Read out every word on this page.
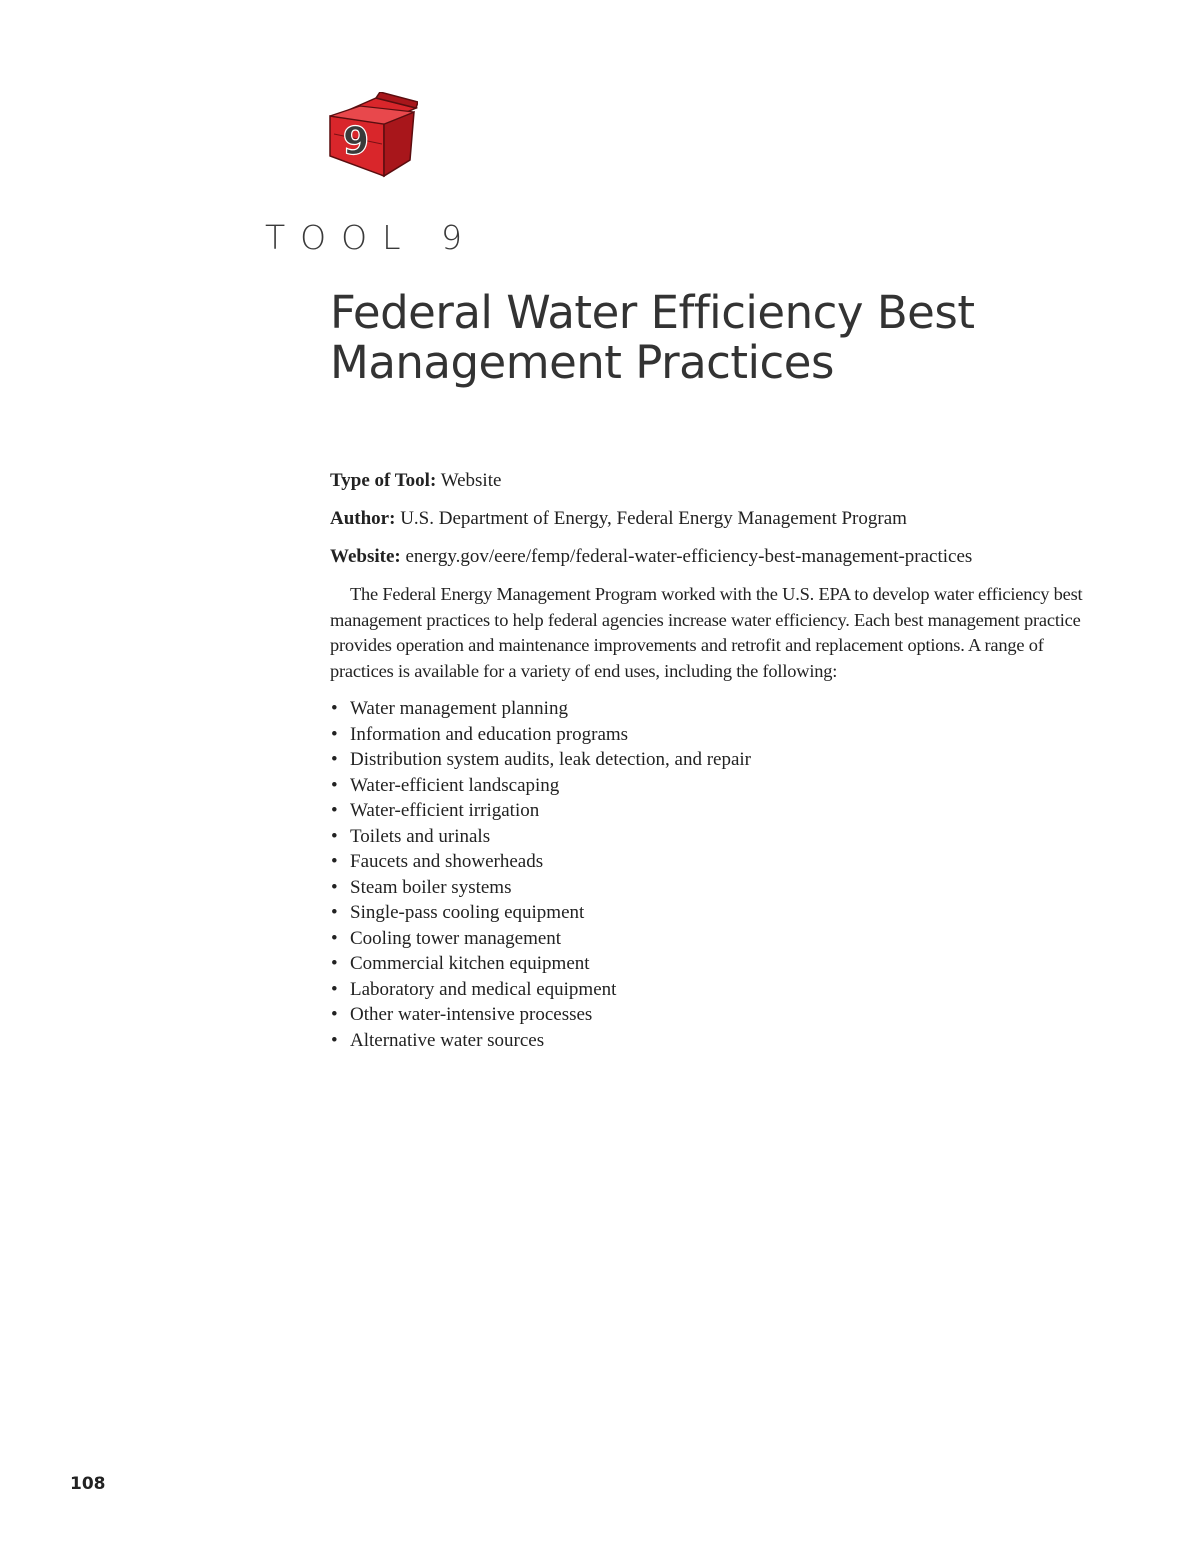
9
TOOL 9
Federal Water Efficiency Best
Management Practices

Type of Tool: Website

Author: U.S. Department of Energy, Federal Energy Management Program

Website: energy.gov/eere/femp/federal-water-efficiency-best-management-practices

The Federal Energy Management Program worked with the U.S. EPA to develop water efficiency best management practices to help federal agencies increase water efficiency. Each best management practice provides operation and maintenance improvements and retrofit and replacement options. A range of practices is available for a variety of end uses, including the following:

• Water management planning
• Information and education programs
• Distribution system audits, leak detection, and repair
• Water-efficient landscaping
• Water-efficient irrigation
• Toilets and urinals
• Faucets and showerheads
• Steam boiler systems
• Single-pass cooling equipment
• Cooling tower management
• Commercial kitchen equipment
• Laboratory and medical equipment
• Other water-intensive processes
• Alternative water sources
108
